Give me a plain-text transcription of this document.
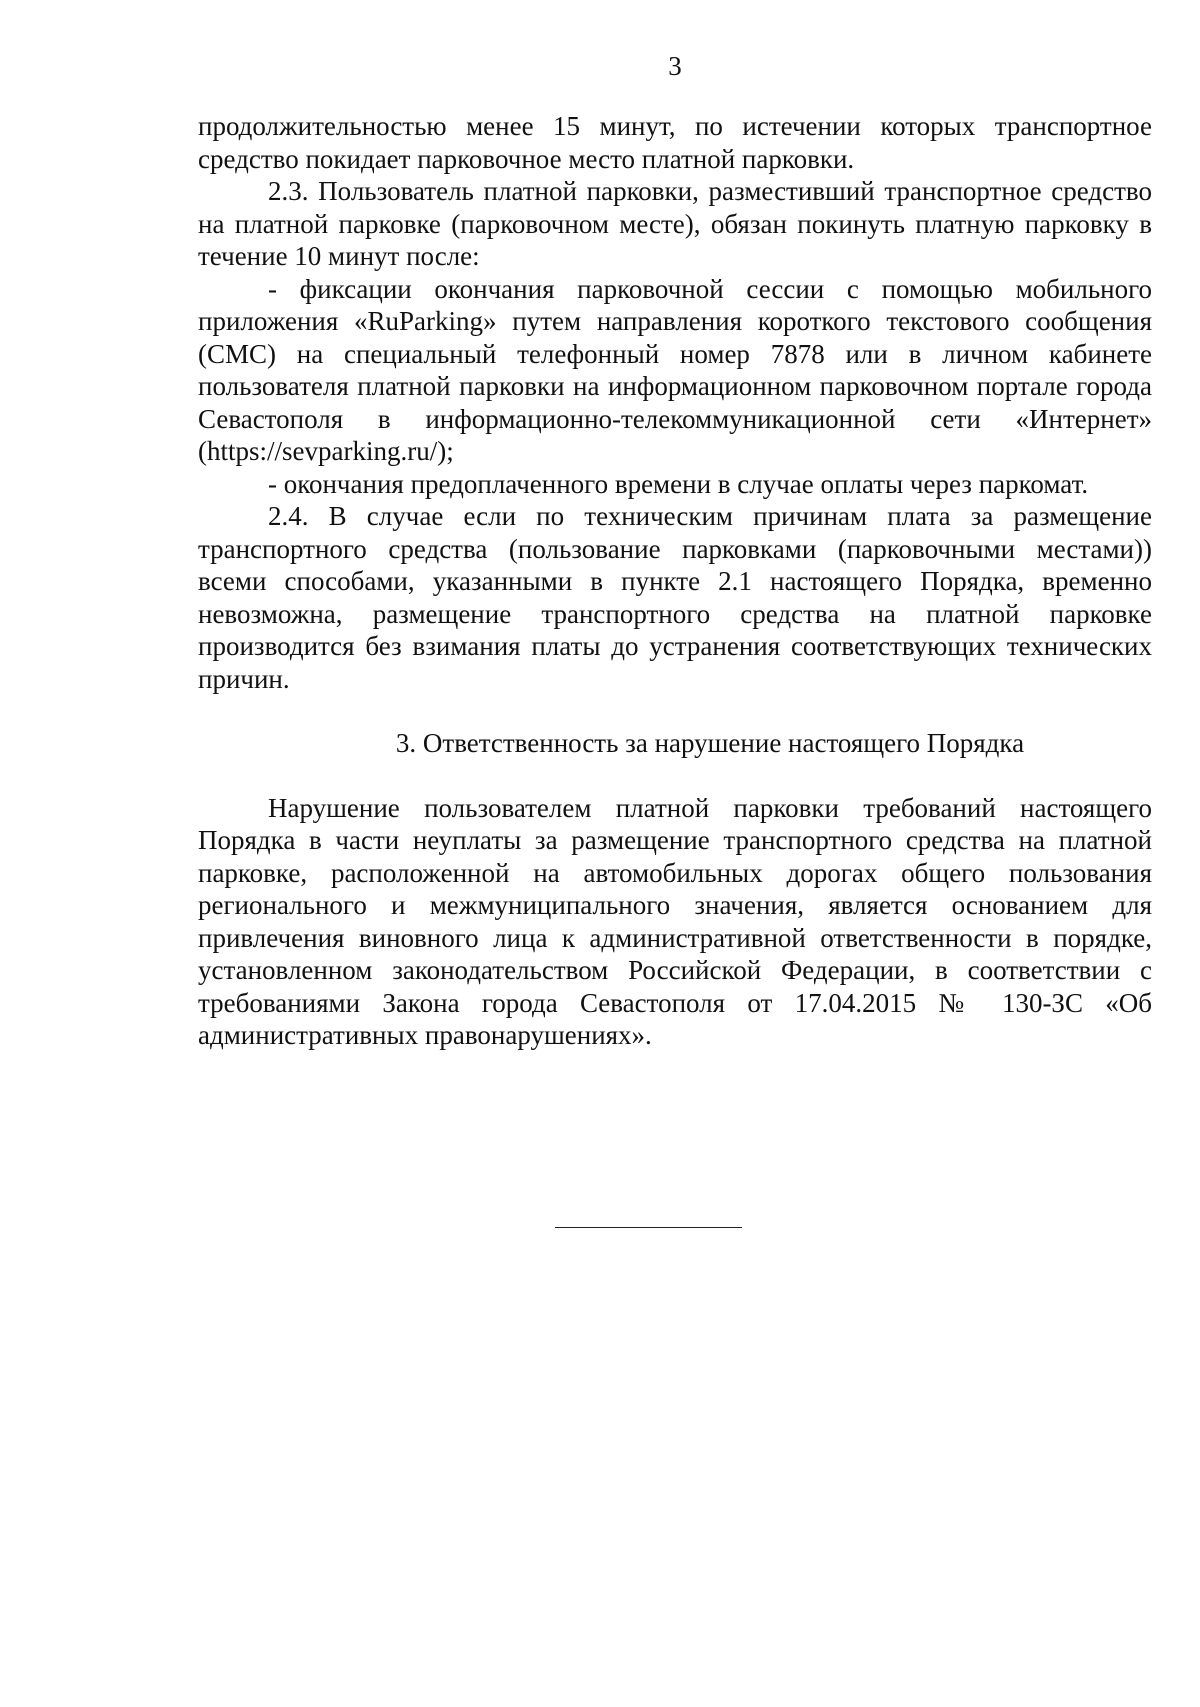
3

продолжительностью менее 15 минут, по истечении которых транспортное средство покидает парковочное место платной парковки.

2.3. Пользователь платной парковки, разместивший транспортное средство на платной парковке (парковочном месте), обязан покинуть платную парковку в течение 10 минут после:

- фиксации окончания парковочной сессии с помощью мобильного приложения «RuParking» путем направления короткого текстового сообщения (СМС) на специальный телефонный номер 7878 или в личном кабинете пользователя платной парковки на информационном парковочном портале города Севастополя в информационно-телекоммуникационной сети «Интернет» (https://sevparking.ru/);

- окончания предоплаченного времени в случае оплаты через паркомат.

2.4. В случае если по техническим причинам плата за размещение транспортного средства (пользование парковками (парковочными местами)) всеми способами, указанными в пункте 2.1 настоящего Порядка, временно невозможна, размещение транспортного средства на платной парковке производится без взимания платы до устранения соответствующих технических причин.

3. Ответственность за нарушение настоящего Порядка

Нарушение пользователем платной парковки требований настоящего Порядка в части неуплаты за размещение транспортного средства на платной парковке, расположенной на автомобильных дорогах общего пользования регионального и межмуниципального значения, является основанием для привлечения виновного лица к административной ответственности в порядке, установленном законодательством Российской Федерации, в соответствии с требованиями Закона города Севастополя от 17.04.2015 № 130-ЗС «Об административных правонарушениях».
